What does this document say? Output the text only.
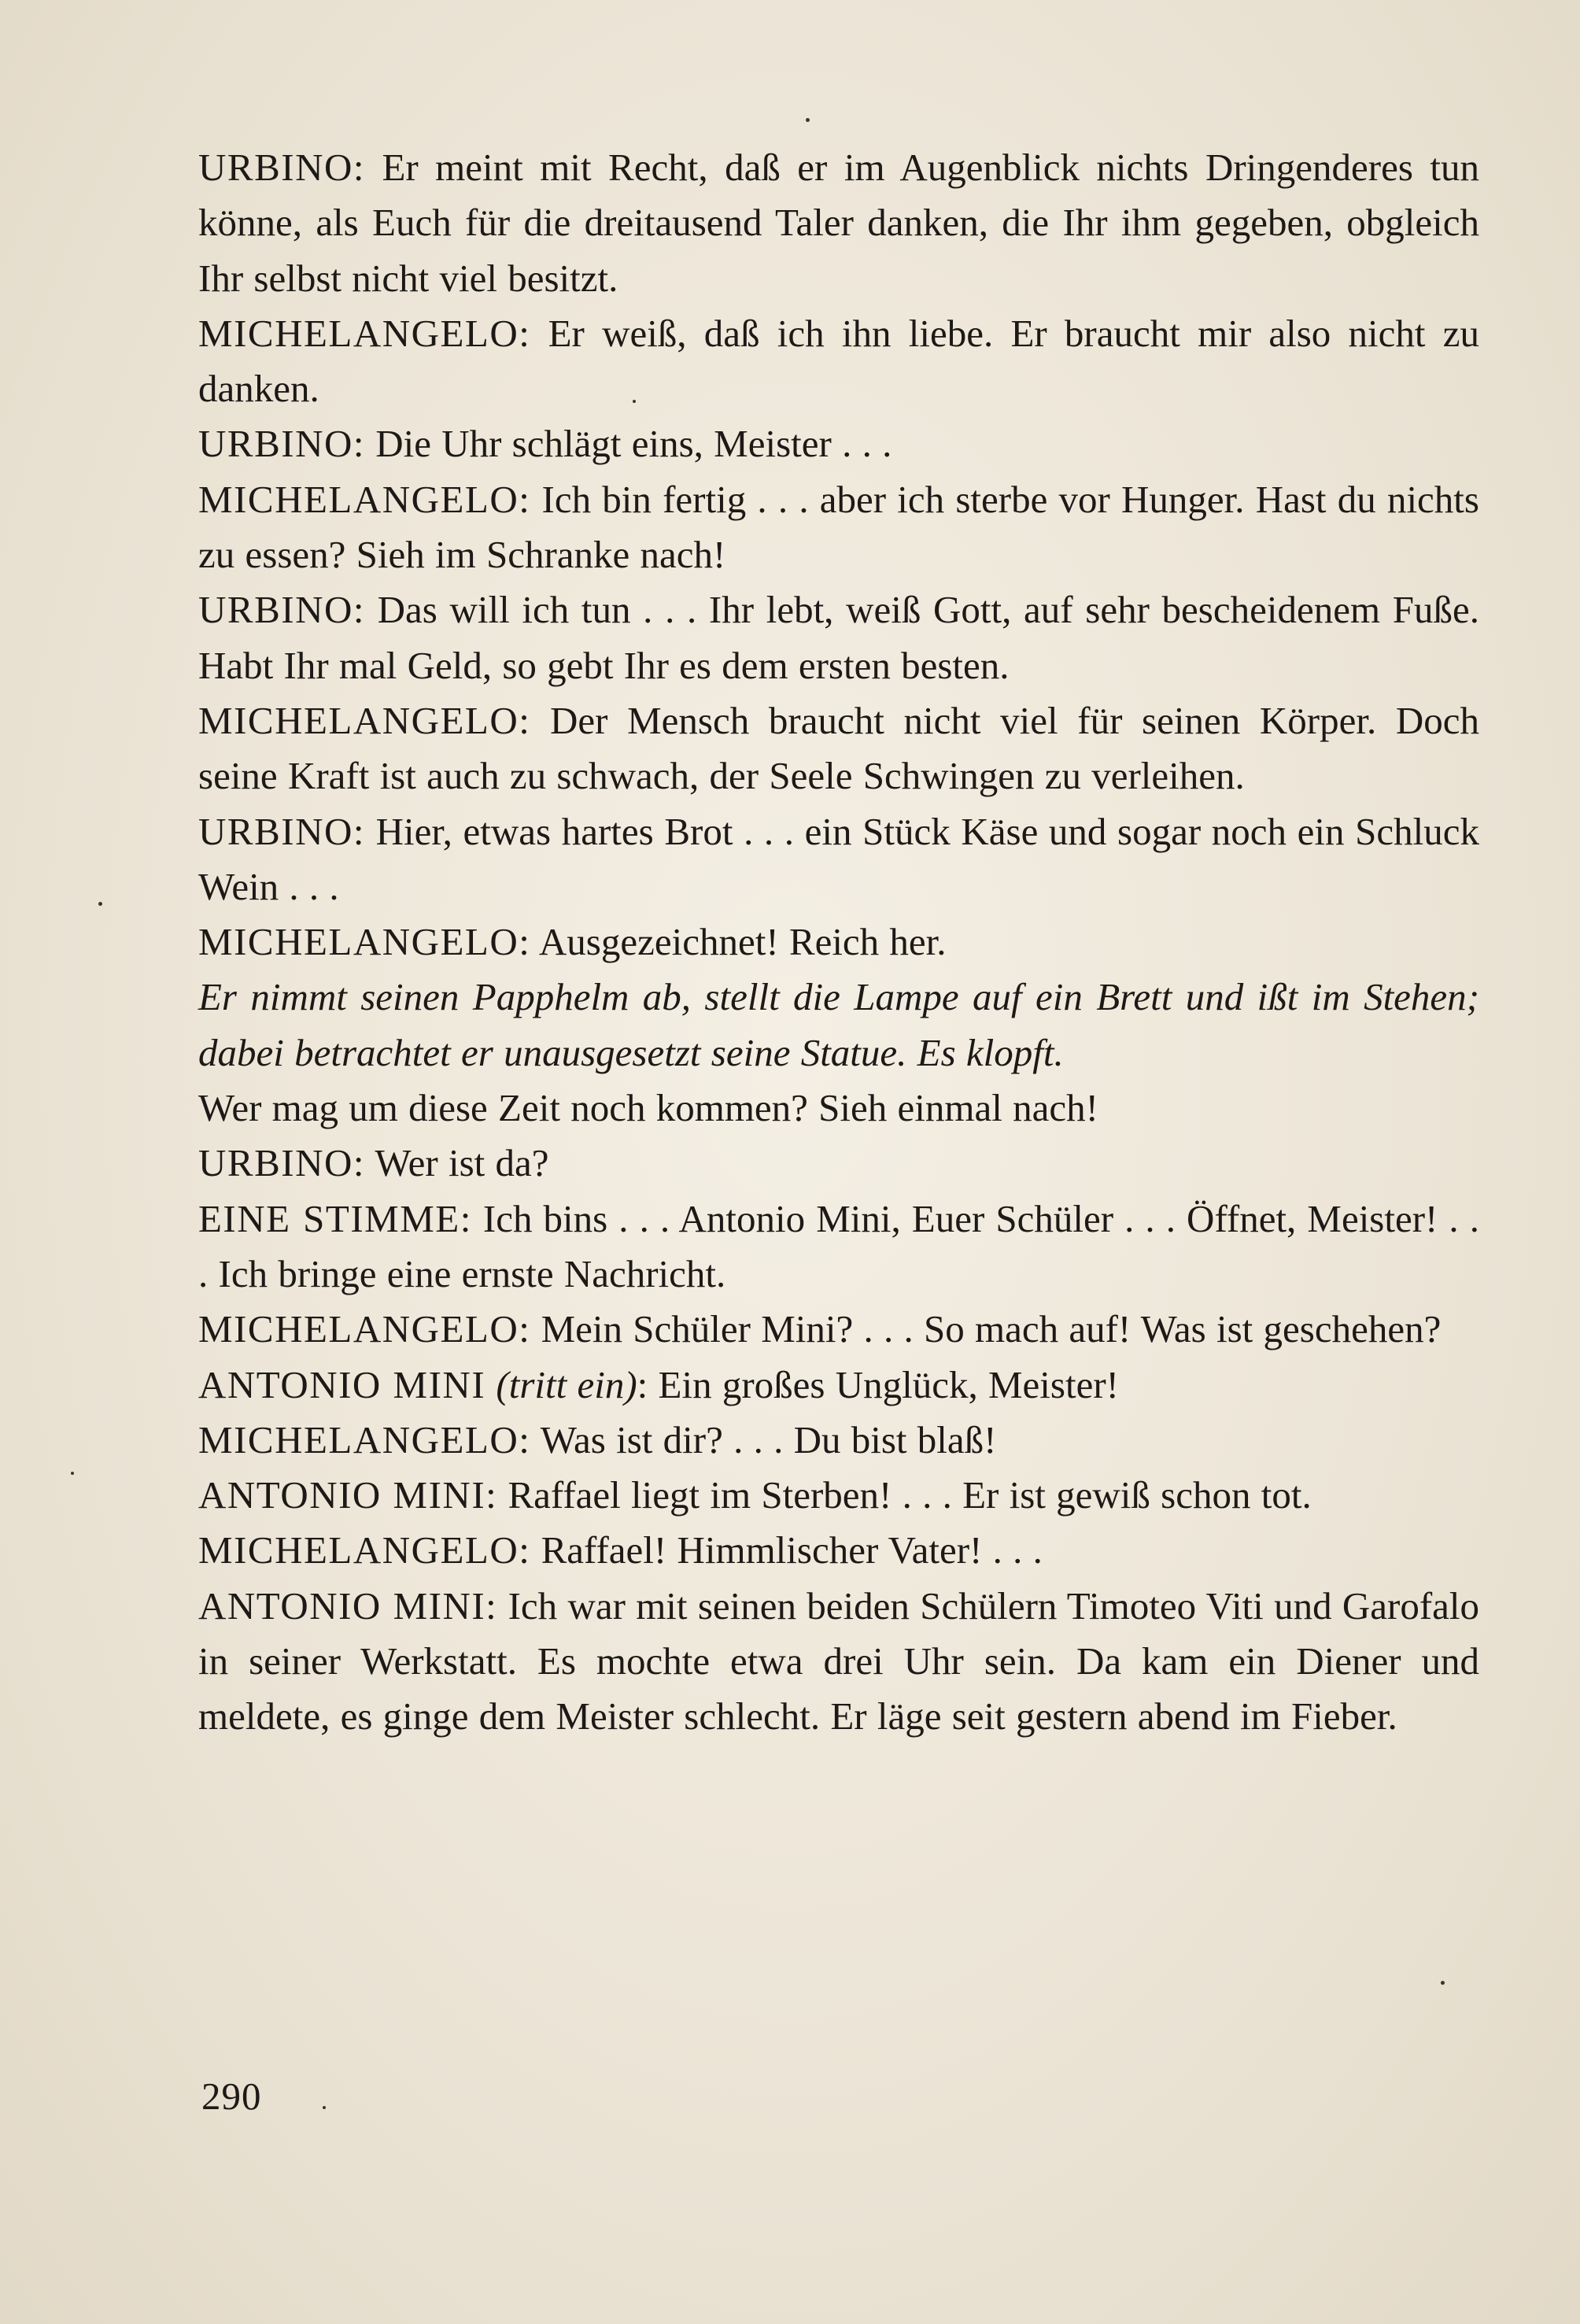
URBINO: Er meint mit Recht, daß er im Augenblick nichts Dringenderes tun könne, als Euch für die dreitausend Taler danken, die Ihr ihm gegeben, obgleich Ihr selbst nicht viel besitzt.

MICHELANGELO: Er weiß, daß ich ihn liebe. Er braucht mir also nicht zu danken.

URBINO: Die Uhr schlägt eins, Meister . . .

MICHELANGELO: Ich bin fertig . . . aber ich sterbe vor Hunger. Hast du nichts zu essen? Sieh im Schranke nach!

URBINO: Das will ich tun . . . Ihr lebt, weiß Gott, auf sehr bescheidenem Fuße. Habt Ihr mal Geld, so gebt Ihr es dem ersten besten.

MICHELANGELO: Der Mensch braucht nicht viel für seinen Körper. Doch seine Kraft ist auch zu schwach, der Seele Schwingen zu verleihen.

URBINO: Hier, etwas hartes Brot . . . ein Stück Käse und sogar noch ein Schluck Wein . . .

MICHELANGELO: Ausgezeichnet! Reich her.

Er nimmt seinen Papphelm ab, stellt die Lampe auf ein Brett und ißt im Stehen; dabei betrachtet er unausgesetzt seine Statue. Es klopft.

Wer mag um diese Zeit noch kommen? Sieh einmal nach!

URBINO: Wer ist da?

EINE STIMME: Ich bins . . . Antonio Mini, Euer Schüler . . . Öffnet, Meister! . . . Ich bringe eine ernste Nachricht.

MICHELANGELO: Mein Schüler Mini? . . . So mach auf! Was ist geschehen?

ANTONIO MINI (tritt ein): Ein großes Unglück, Meister!

MICHELANGELO: Was ist dir? . . . Du bist blaß!

ANTONIO MINI: Raffael liegt im Sterben! . . . Er ist gewiß schon tot.

MICHELANGELO: Raffael! Himmlischer Vater! . . .

ANTONIO MINI: Ich war mit seinen beiden Schülern Timoteo Viti und Garofalo in seiner Werkstatt. Es mochte etwa drei Uhr sein. Da kam ein Diener und meldete, es ginge dem Meister schlecht. Er läge seit gestern abend im Fieber.

290
